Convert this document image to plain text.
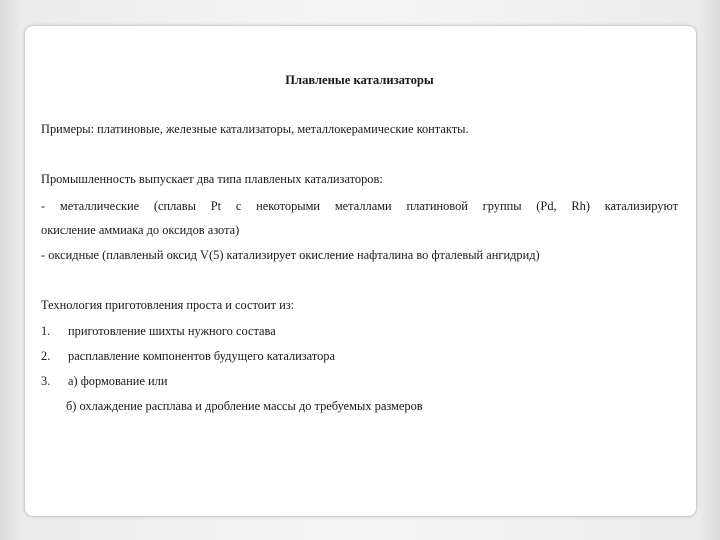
Плавленые катализаторы
Примеры: платиновые, железные катализаторы, металлокерамические контакты.
Промышленность выпускает два типа плавленых катализаторов:
- металлические (сплавы Pt с некоторыми металлами платиновой группы (Pd, Rh) катализируют
окисление аммиака до оксидов азота)
- оксидные (плавленый оксид V(5) катализирует окисление нафталина во фталевый ангидрид)
Технология приготовления проста и состоит из:
1. приготовление шихты нужного состава
2. расплавление компонентов будущего катализатора
3. а) формование или
б) охлаждение расплава и дробление массы до требуемых размеров
